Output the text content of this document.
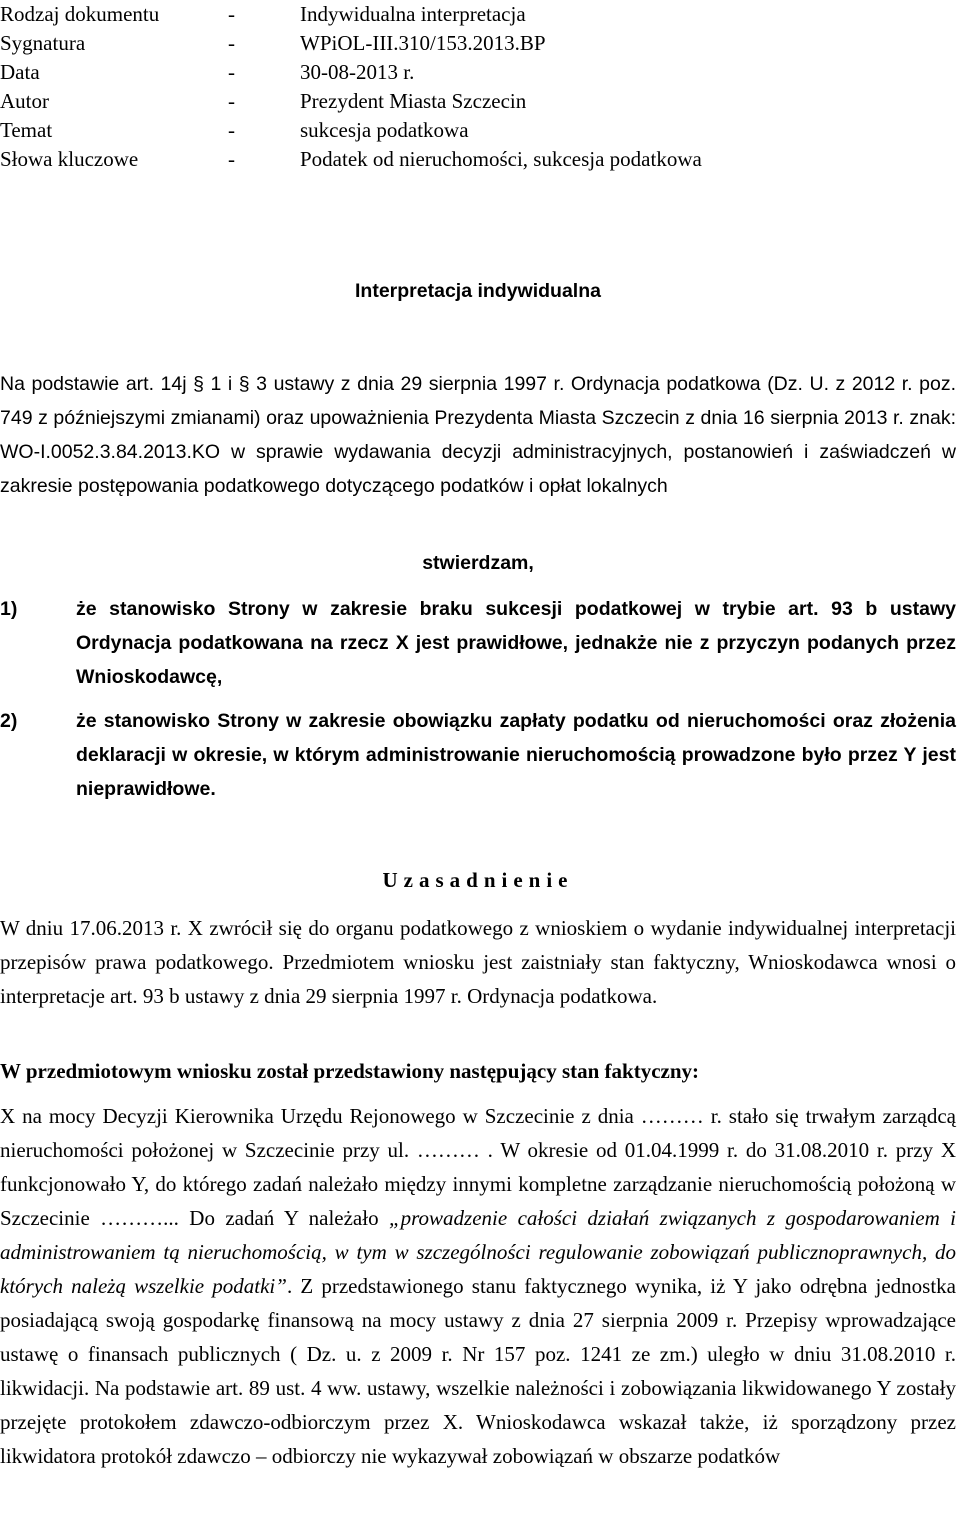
Rodzaj dokumentu	-	Indywidualna interpretacja
Sygnatura	-	WPiOL-III.310/153.2013.BP
Data	-	30-08-2013 r.
Autor	-	Prezydent Miasta Szczecin
Temat	-	sukcesja podatkowa
Słowa kluczowe	-	Podatek od nieruchomości, sukcesja podatkowa

Interpretacja indywidualna

Na podstawie art. 14j § 1 i § 3 ustawy z dnia 29 sierpnia 1997 r. Ordynacja podatkowa (Dz. U. z 2012 r. poz. 749 z późniejszymi zmianami) oraz upoważnienia Prezydenta Miasta Szczecin z dnia 16 sierpnia 2013 r. znak: WO-I.0052.3.84.2013.KO w sprawie wydawania decyzji administracyjnych, postanowień i zaświadczeń w zakresie postępowania podatkowego dotyczącego podatków i opłat lokalnych

stwierdzam,

1)	że stanowisko Strony w zakresie braku sukcesji podatkowej w trybie art. 93 b ustawy Ordynacja podatkowana na rzecz X jest prawidłowe, jednakże nie z przyczyn podanych przez Wnioskodawcę,
2)	że stanowisko Strony w zakresie obowiązku zapłaty podatku od nieruchomości oraz złożenia deklaracji w okresie, w którym administrowanie nieruchomością prowadzone było przez Y jest nieprawidłowe.

Uzasadnienie

W dniu 17.06.2013 r. X zwrócił się do organu podatkowego z wnioskiem o wydanie indywidualnej interpretacji przepisów prawa podatkowego. Przedmiotem wniosku jest zaistniały stan faktyczny, Wnioskodawca wnosi o interpretacje art. 93 b ustawy z dnia 29 sierpnia 1997 r. Ordynacja podatkowa.

W przedmiotowym wniosku został przedstawiony następujący stan faktyczny:

X na mocy Decyzji Kierownika Urzędu Rejonowego w Szczecinie z dnia ……… r. stało się trwałym zarządcą nieruchomości położonej w Szczecinie przy ul. ……… . W okresie od 01.04.1999 r. do 31.08.2010 r. przy X funkcjonowało Y, do którego zadań należało między innymi kompletne zarządzanie nieruchomością położoną w Szczecinie ………... Do zadań Y należało „prowadzenie całości działań związanych z gospodarowaniem i administrowaniem tą nieruchomością, w tym w szczególności regulowanie zobowiązań publicznoprawnych, do których należą wszelkie podatki”. Z przedstawionego stanu faktycznego wynika, iż Y jako odrębna jednostka posiadającą swoją gospodarkę finansową na mocy ustawy z dnia 27 sierpnia 2009 r. Przepisy wprowadzające ustawę o finansach publicznych ( Dz. u. z 2009 r. Nr 157 poz. 1241 ze zm.) uległo w dniu 31.08.2010 r. likwidacji. Na podstawie art. 89 ust. 4 ww. ustawy, wszelkie należności i zobowiązania likwidowanego Y zostały przejęte protokołem zdawczo-odbiorczym przez X. Wnioskodawca wskazał także, iż sporządzony przez likwidatora protokół zdawczo – odbiorczy nie wykazywał zobowiązań w obszarze podatków
